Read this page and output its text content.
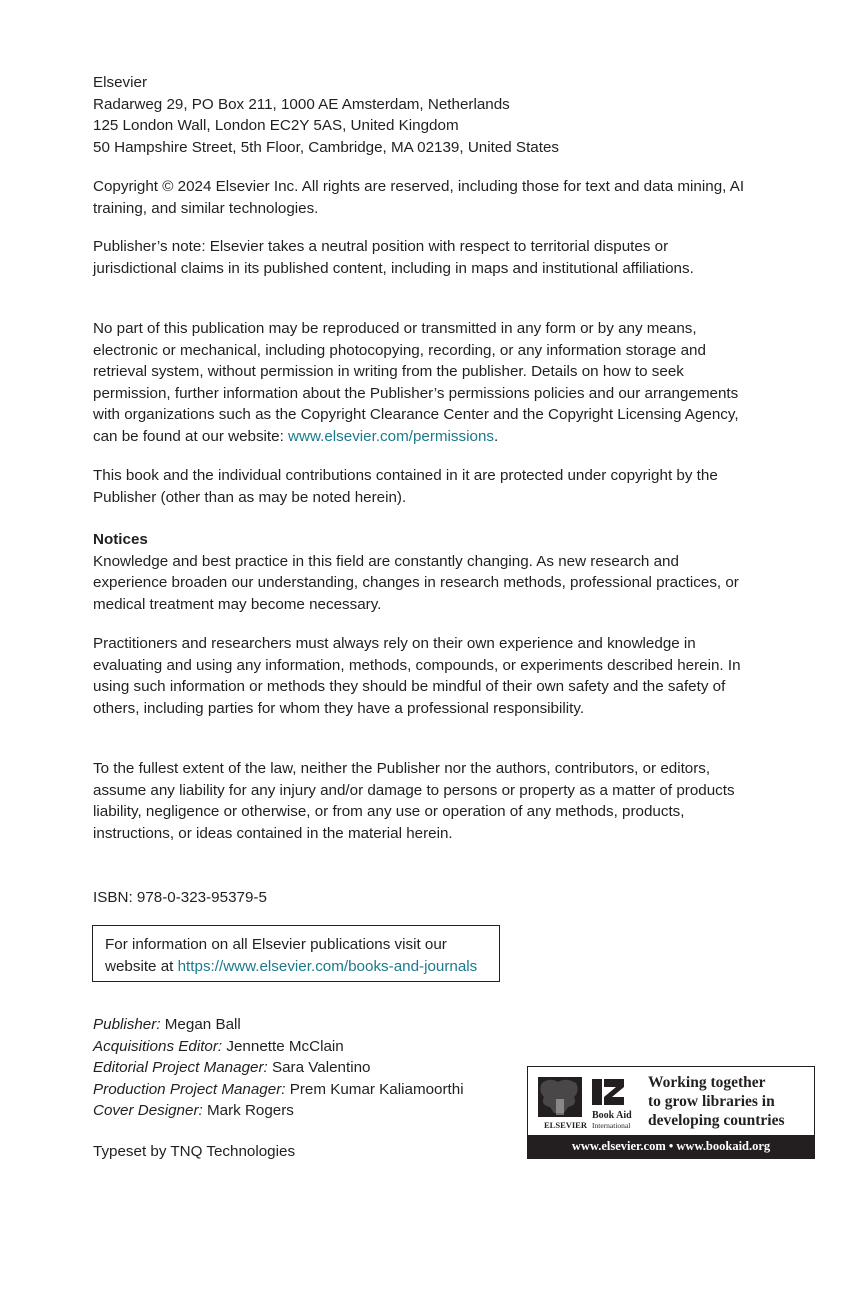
Elsevier
Radarweg 29, PO Box 211, 1000 AE Amsterdam, Netherlands
125 London Wall, London EC2Y 5AS, United Kingdom
50 Hampshire Street, 5th Floor, Cambridge, MA 02139, United States

Copyright © 2024 Elsevier Inc. All rights are reserved, including those for text and data mining, AI training, and similar technologies.

Publisher’s note: Elsevier takes a neutral position with respect to territorial disputes or jurisdictional claims in its published content, including in maps and institutional affiliations.

No part of this publication may be reproduced or transmitted in any form or by any means, electronic or mechanical, including photocopying, recording, or any information storage and retrieval system, without permission in writing from the publisher. Details on how to seek permission, further information about the Publisher’s permissions policies and our arrangements with organizations such as the Copyright Clearance Center and the Copyright Licensing Agency, can be found at our website: www.elsevier.com/permissions.

This book and the individual contributions contained in it are protected under copyright by the Publisher (other than as may be noted herein).

Notices

Knowledge and best practice in this field are constantly changing. As new research and experience broaden our understanding, changes in research methods, professional practices, or medical treatment may become necessary.

Practitioners and researchers must always rely on their own experience and knowledge in evaluating and using any information, methods, compounds, or experiments described herein. In using such information or methods they should be mindful of their own safety and the safety of others, including parties for whom they have a professional responsibility.

To the fullest extent of the law, neither the Publisher nor the authors, contributors, or editors, assume any liability for any injury and/or damage to persons or property as a matter of products liability, negligence or otherwise, or from any use or operation of any methods, products, instructions, or ideas contained in the material herein.

ISBN: 978-0-323-95379-5
For information on all Elsevier publications visit our
website at https://www.elsevier.com/books-and-journals
Publisher: Megan Ball
Acquisitions Editor: Jennette McClain
Editorial Project Manager: Sara Valentino
Production Project Manager: Prem Kumar Kaliamoorthi
Cover Designer: Mark Rogers
Typeset by TNQ Technologies
ELSEVIER
Book Aid
International
Working together
to grow libraries in
developing countries
www.elsevier.com • www.bookaid.org
